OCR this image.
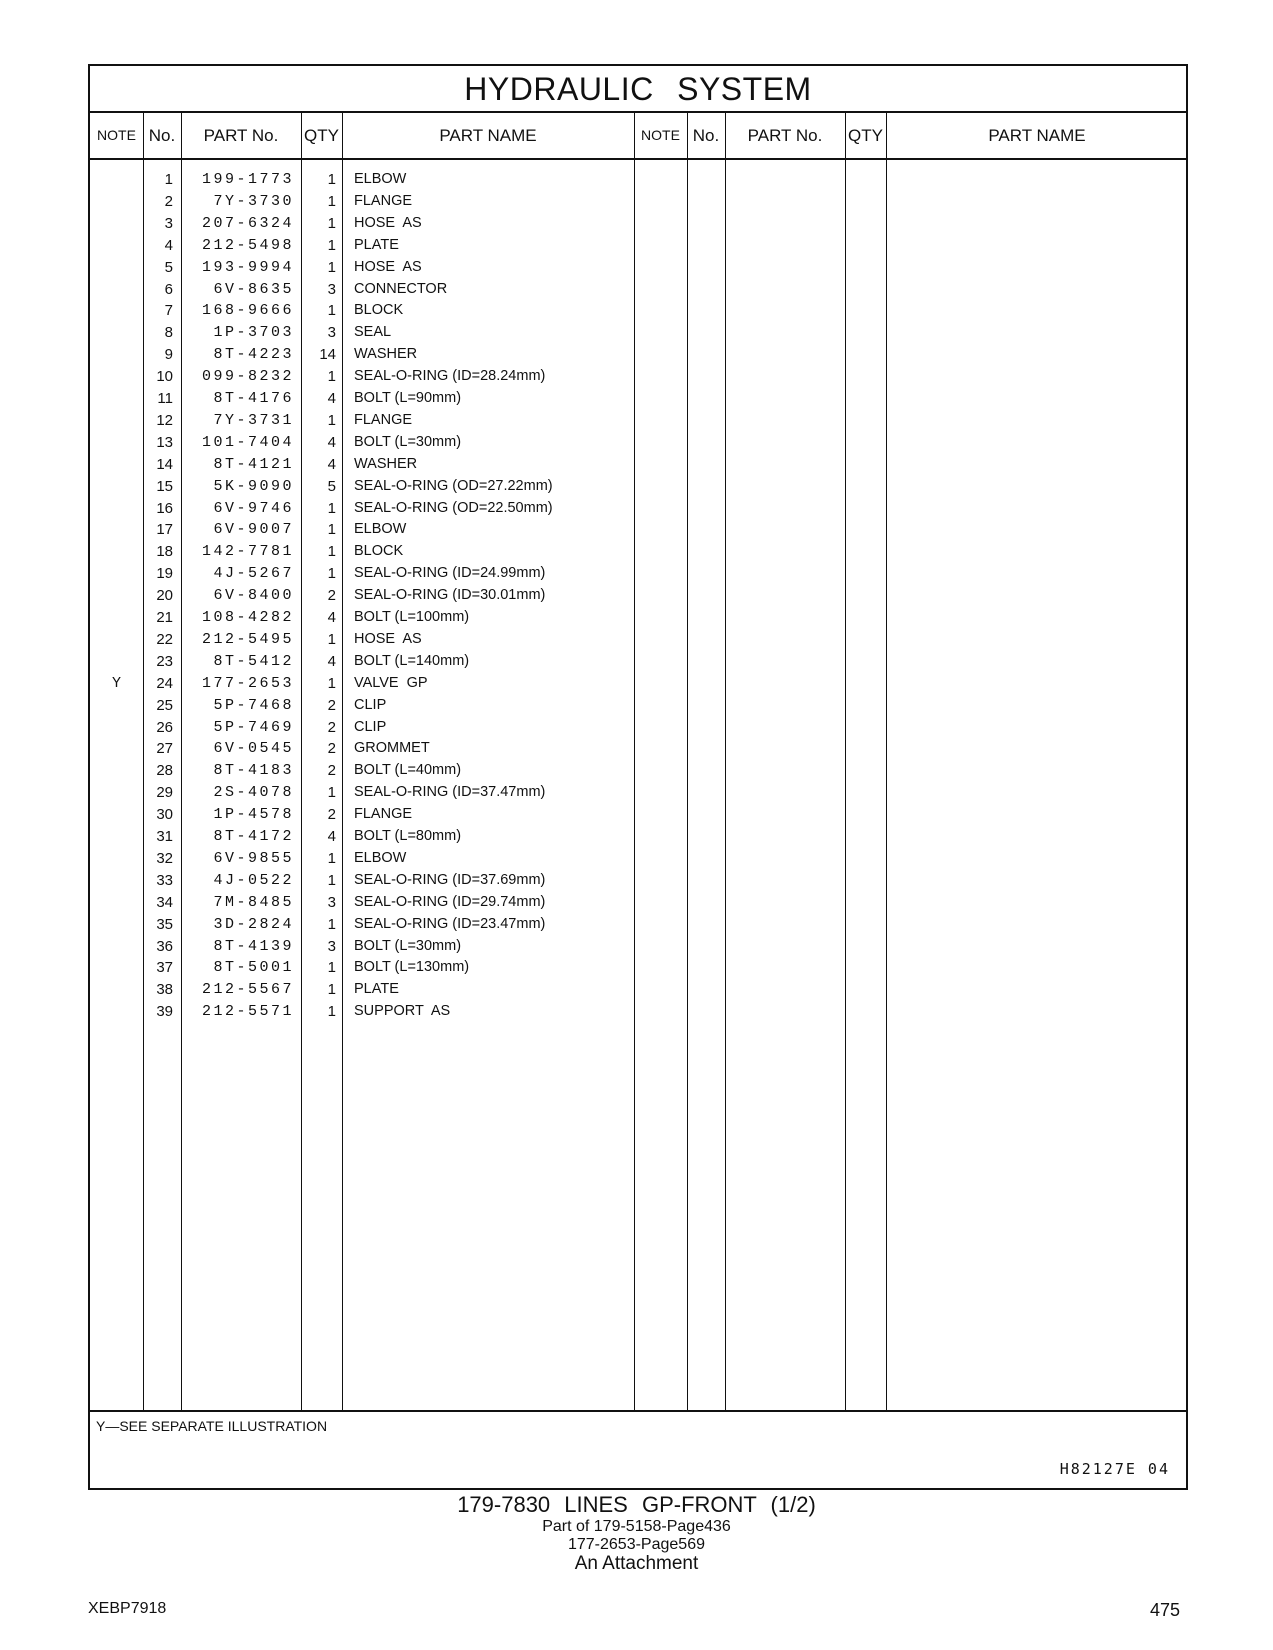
HYDRAULIC SYSTEM
NOTE No.	PART No.	QTY	PART NAME	NOTE No.	PART No.	QTY	PART NAME
1	199-1773	1 ELBOW
2	7Y-3730	1 FLANGE
3	207-6324	1 HOSE  AS
4	212-5498	1 PLATE
5	193-9994	1 HOSE  AS
6	6V-8635	3 CONNECTOR
7	168-9666	1 BLOCK
8	1P-3703	3 SEAL
9	8T-4223	14 WASHER
10	099-8232	1 SEAL-O-RING (ID=28.24mm)
11	8T-4176	4 BOLT (L=90mm)
12	7Y-3731	1 FLANGE
13	101-7404	4 BOLT (L=30mm)
14	8T-4121	4 WASHER
15	5K-9090	5 SEAL-O-RING (OD=27.22mm)
16	6V-9746	1 SEAL-O-RING (OD=22.50mm)
17	6V-9007	1 ELBOW
18	142-7781	1 BLOCK
19	4J-5267	1 SEAL-O-RING (ID=24.99mm)
20	6V-8400	2 SEAL-O-RING (ID=30.01mm)
21	108-4282	4 BOLT (L=100mm)
22	212-5495	1 HOSE  AS
23	8T-5412	4 BOLT (L=140mm)
Y	24	177-2653	1 VALVE  GP
25	5P-7468	2 CLIP
26	5P-7469	2 CLIP
27	6V-0545	2 GROMMET
28	8T-4183	2 BOLT (L=40mm)
29	2S-4078	1 SEAL-O-RING (ID=37.47mm)
30	1P-4578	2 FLANGE
31	8T-4172	4 BOLT (L=80mm)
32	6V-9855	1 ELBOW
33	4J-0522	1 SEAL-O-RING (ID=37.69mm)
34	7M-8485	3 SEAL-O-RING (ID=29.74mm)
35	3D-2824	1 SEAL-O-RING (ID=23.47mm)
36	8T-4139	3 BOLT (L=30mm)
37	8T-5001	1 BOLT (L=130mm)
38	212-5567	1 PLATE
39	212-5571	1 SUPPORT  AS
Y—SEE SEPARATE ILLUSTRATION
H82127E 04
179-7830 LINES GP-FRONT (1/2)
Part of 179-5158-Page436
177-2653-Page569
An Attachment
XEBP7918	475
